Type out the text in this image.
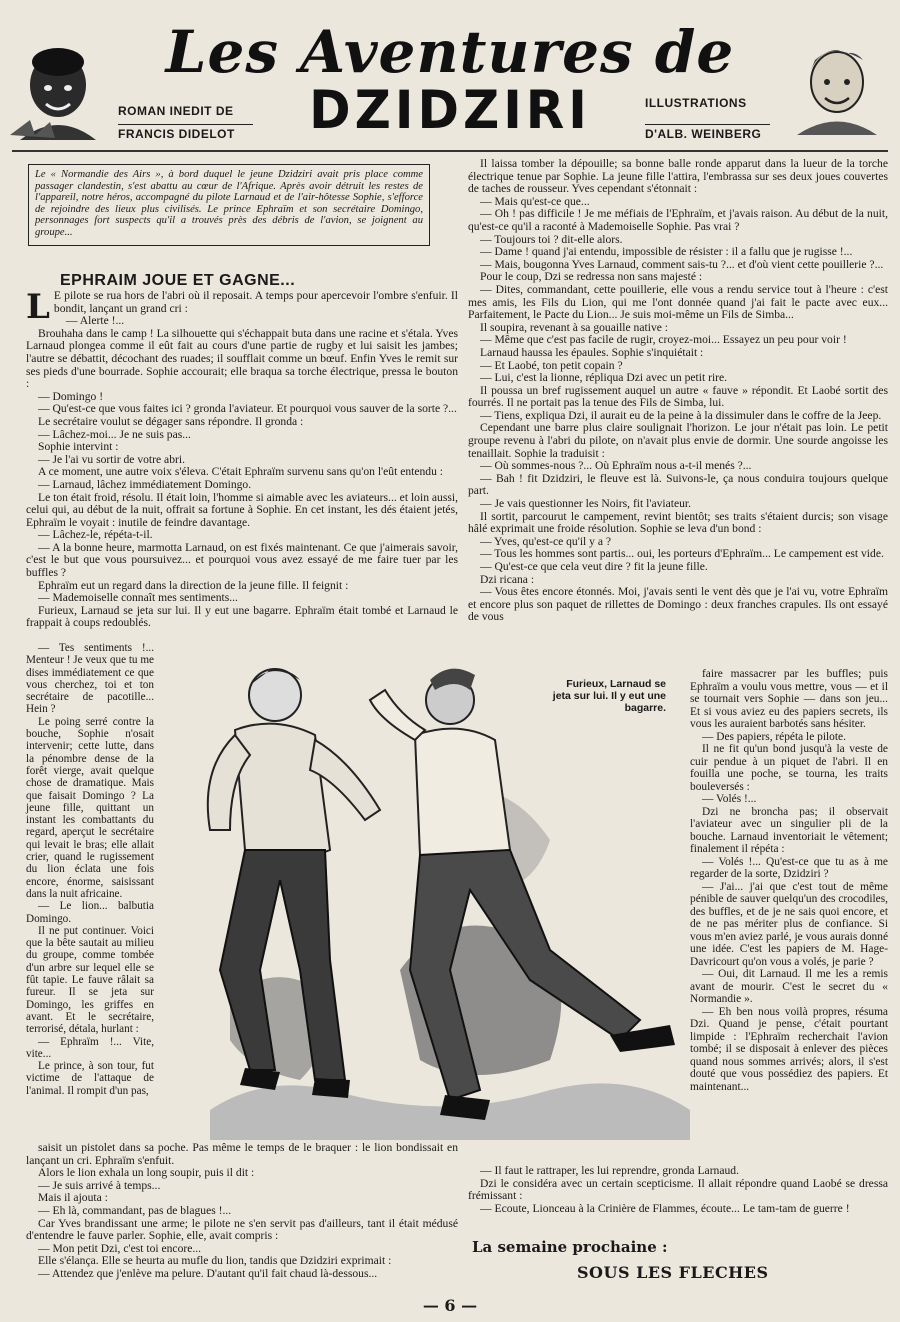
Les Aventures de
DZIDZIRI
ROMAN INEDIT DE
FRANCIS DIDELOT
ILLUSTRATIONS
D'ALB. WEINBERG
Le « Normandie des Airs », à bord duquel le jeune Dzidziri avait pris place comme passager clandestin, s'est abattu au cœur de l'Afrique. Après avoir détruit les restes de l'appareil, notre héros, accompagné du pilote Larnaud et de l'air-hôtesse Sophie, s'efforce de rejoindre des lieux plus civilisés. Le prince Ephraïm et son secrétaire Domingo, personnages fort suspects qu'il a trouvés près des débris de l'avion, se joignent au groupe...
EPHRAIM JOUE ET GAGNE...

L E pilote se rua hors de l'abri où il reposait. A temps pour apercevoir l'ombre s'enfuir. Il bondit, lançant un grand cri :

— Alerte !...

Brouhaha dans le camp ! La silhouette qui s'échappait buta dans une racine et s'étala. Yves Larnaud plongea comme il eût fait au cours d'une partie de rugby et lui saisit les jambes; l'autre se débattit, décochant des ruades; il soufflait comme un bœuf. Enfin Yves le remit sur ses pieds d'une bourrade. Sophie accourait; elle braqua sa torche électrique, pressa le bouton :

— Domingo !

— Qu'est-ce que vous faites ici ? gronda l'aviateur. Et pourquoi vous sauver de la sorte ?...

Le secrétaire voulut se dégager sans répondre. Il gronda :

— Lâchez-moi... Je ne suis pas...

Sophie intervint :

— Je l'ai vu sortir de votre abri.

A ce moment, une autre voix s'éleva. C'était Ephraïm survenu sans qu'on l'eût entendu :

— Larnaud, lâchez immédiatement Domingo.

Le ton était froid, résolu. Il était loin, l'homme si aimable avec les aviateurs... et loin aussi, celui qui, au début de la nuit, offrait sa fortune à Sophie. En cet instant, les dés étaient jetés, Ephraïm le voyait : inutile de feindre davantage.

— Lâchez-le, répéta-t-il.

— A la bonne heure, marmotta Larnaud, on est fixés maintenant. Ce que j'aimerais savoir, c'est le but que vous poursuivez... et pourquoi vous avez essayé de me faire tuer par les buffles ?

Ephraïm eut un regard dans la direction de la jeune fille. Il feignit :

— Mademoiselle connaît mes sentiments...

Furieux, Larnaud se jeta sur lui. Il y eut une bagarre. Ephraïm était tombé et Larnaud le frappait à coups redoublés.

— Tes sentiments !... Menteur ! Je veux que tu me dises immédiatement ce que vous cherchez, toi et ton secrétaire de pacotille... Hein ?

Le poing serré contre la bouche, Sophie n'osait intervenir; cette lutte, dans la pénombre dense de la forêt vierge, avait quelque chose de dramatique. Mais que faisait Domingo ? La jeune fille, quittant un instant les combattants du regard, aperçut le secrétaire qui levait le bras; elle allait crier, quand le rugissement du lion éclata une fois encore, énorme, saisissant dans la nuit africaine.

— Le lion... balbutia Domingo.

Il ne put continuer. Voici que la bête sautait au milieu du groupe, comme tombée d'un arbre sur lequel elle se fût tapie. Le fauve râlait sa fureur. Il se jeta sur Domingo, les griffes en avant. Et le secrétaire, terrorisé, détala, hurlant :

— Ephraïm !... Vite, vite...

Le prince, à son tour, fut victime de l'attaque de l'animal. Il rompit d'un pas,

Furieux, Larnaud se jeta sur lui. Il y eut une bagarre.

saisit un pistolet dans sa poche. Pas même le temps de le braquer : le lion bondissait en lançant un cri. Ephraïm s'enfuit.

Alors le lion exhala un long soupir, puis il dit :

— Je suis arrivé à temps...

Mais il ajouta :

— Eh là, commandant, pas de blagues !...

Car Yves brandissant une arme; le pilote ne s'en servit pas d'ailleurs, tant il était médusé d'entendre le fauve parler. Sophie, elle, avait compris :

— Mon petit Dzi, c'est toi encore...

Elle s'élança. Elle se heurta au mufle du lion, tandis que Dzidziri exprimait :

— Attendez que j'enlève ma pelure. D'autant qu'il fait chaud là-dessous...

Il laissa tomber la dépouille; sa bonne balle ronde apparut dans la lueur de la torche électrique tenue par Sophie. La jeune fille l'attira, l'embrassa sur ses deux joues couvertes de taches de rousseur. Yves cependant s'étonnait :

— Mais qu'est-ce que...

— Oh ! pas difficile ! Je me méfiais de l'Ephraïm, et j'avais raison. Au début de la nuit, qu'est-ce qu'il a raconté à Mademoiselle Sophie. Pas vrai ?

— Toujours toi ? dit-elle alors.

— Dame ! quand j'ai entendu, impossible de résister : il a fallu que je rugisse !...

— Mais, bougonna Yves Larnaud, comment sais-tu ?... et d'où vient cette pouillerie ?...

Pour le coup, Dzi se redressa non sans majesté :

— Dites, commandant, cette pouillerie, elle vous a rendu service tout à l'heure : c'est mes amis, les Fils du Lion, qui me l'ont donnée quand j'ai fait le pacte avec eux... Parfaitement, le Pacte du Lion... Je suis moi-même un Fils de Simba...

Il soupira, revenant à sa gouaille native :

— Même que c'est pas facile de rugir, croyez-moi... Essayez un peu pour voir !

Larnaud haussa les épaules. Sophie s'inquiétait :

— Et Laobé, ton petit copain ?

— Lui, c'est la lionne, répliqua Dzi avec un petit rire.

Il poussa un bref rugissement auquel un autre « fauve » répondit. Et Laobé sortit des fourrés. Il ne portait pas la tenue des Fils de Simba, lui.

— Tiens, expliqua Dzi, il aurait eu de la peine à la dissimuler dans le coffre de la Jeep.

Cependant une barre plus claire soulignait l'horizon. Le jour n'était pas loin. Le petit groupe revenu à l'abri du pilote, on n'avait plus envie de dormir. Une sourde angoisse les tenaillait. Sophie la traduisit :

— Où sommes-nous ?... Où Ephraïm nous a-t-il menés ?...

— Bah ! fit Dzidziri, le fleuve est là. Suivons-le, ça nous conduira toujours quelque part.

— Je vais questionner les Noirs, fit l'aviateur.

Il sortit, parcourut le campement, revint bientôt; ses traits s'étaient durcis; son visage hâlé exprimait une froide résolution. Sophie se leva d'un bond :

— Yves, qu'est-ce qu'il y a ?

— Tous les hommes sont partis... oui, les porteurs d'Ephraïm... Le campement est vide.

— Qu'est-ce que cela veut dire ? fit la jeune fille.

Dzi ricana :

— Vous êtes encore étonnés. Moi, j'avais senti le vent dès que je l'ai vu, votre Ephraïm et encore plus son paquet de rillettes de Domingo : deux franches crapules. Ils ont essayé de vous

faire massacrer par les buffles; puis Ephraïm a voulu vous mettre, vous — et il se tournait vers Sophie — dans son jeu... Et si vous aviez eu des papiers secrets, ils vous les auraient barbotés sans hésiter.

— Des papiers, répéta le pilote.

Il ne fit qu'un bond jusqu'à la veste de cuir pendue à un piquet de l'abri. Il en fouilla une poche, se tourna, les traits bouleversés :

— Volés !...

Dzi ne broncha pas; il observait l'aviateur avec un singulier pli de la bouche. Larnaud inventoriait le vêtement; finalement il répéta :

— Volés !... Qu'est-ce que tu as à me regarder de la sorte, Dzidziri ?

— J'ai... j'ai que c'est tout de même pénible de sauver quelqu'un des crocodiles, des buffles, et de je ne sais quoi encore, et de ne pas mériter plus de confiance. Si vous m'en aviez parlé, je vous aurais donné une idée. C'est les papiers de M. Hage-Davricourt qu'on vous a volés, je parie ?

— Oui, dit Larnaud. Il me les a remis avant de mourir. C'est le secret du « Normandie ».

— Eh ben nous voilà propres, résuma Dzi. Quand je pense, c'était pourtant limpide : l'Ephraïm recherchait l'avion tombé; il se disposait à enlever des pièces quand nous sommes arrivés; alors, il s'est douté que vous possédiez des papiers. Et maintenant...

— Il faut le rattraper, les lui reprendre, gronda Larnaud.

Dzi le considéra avec un certain scepticisme. Il allait répondre quand Laobé se dressa frémissant :

— Ecoute, Lionceau à la Crinière de Flammes, écoute... Le tam-tam de guerre !

La semaine prochaine :
SOUS LES FLECHES
— 6 —
